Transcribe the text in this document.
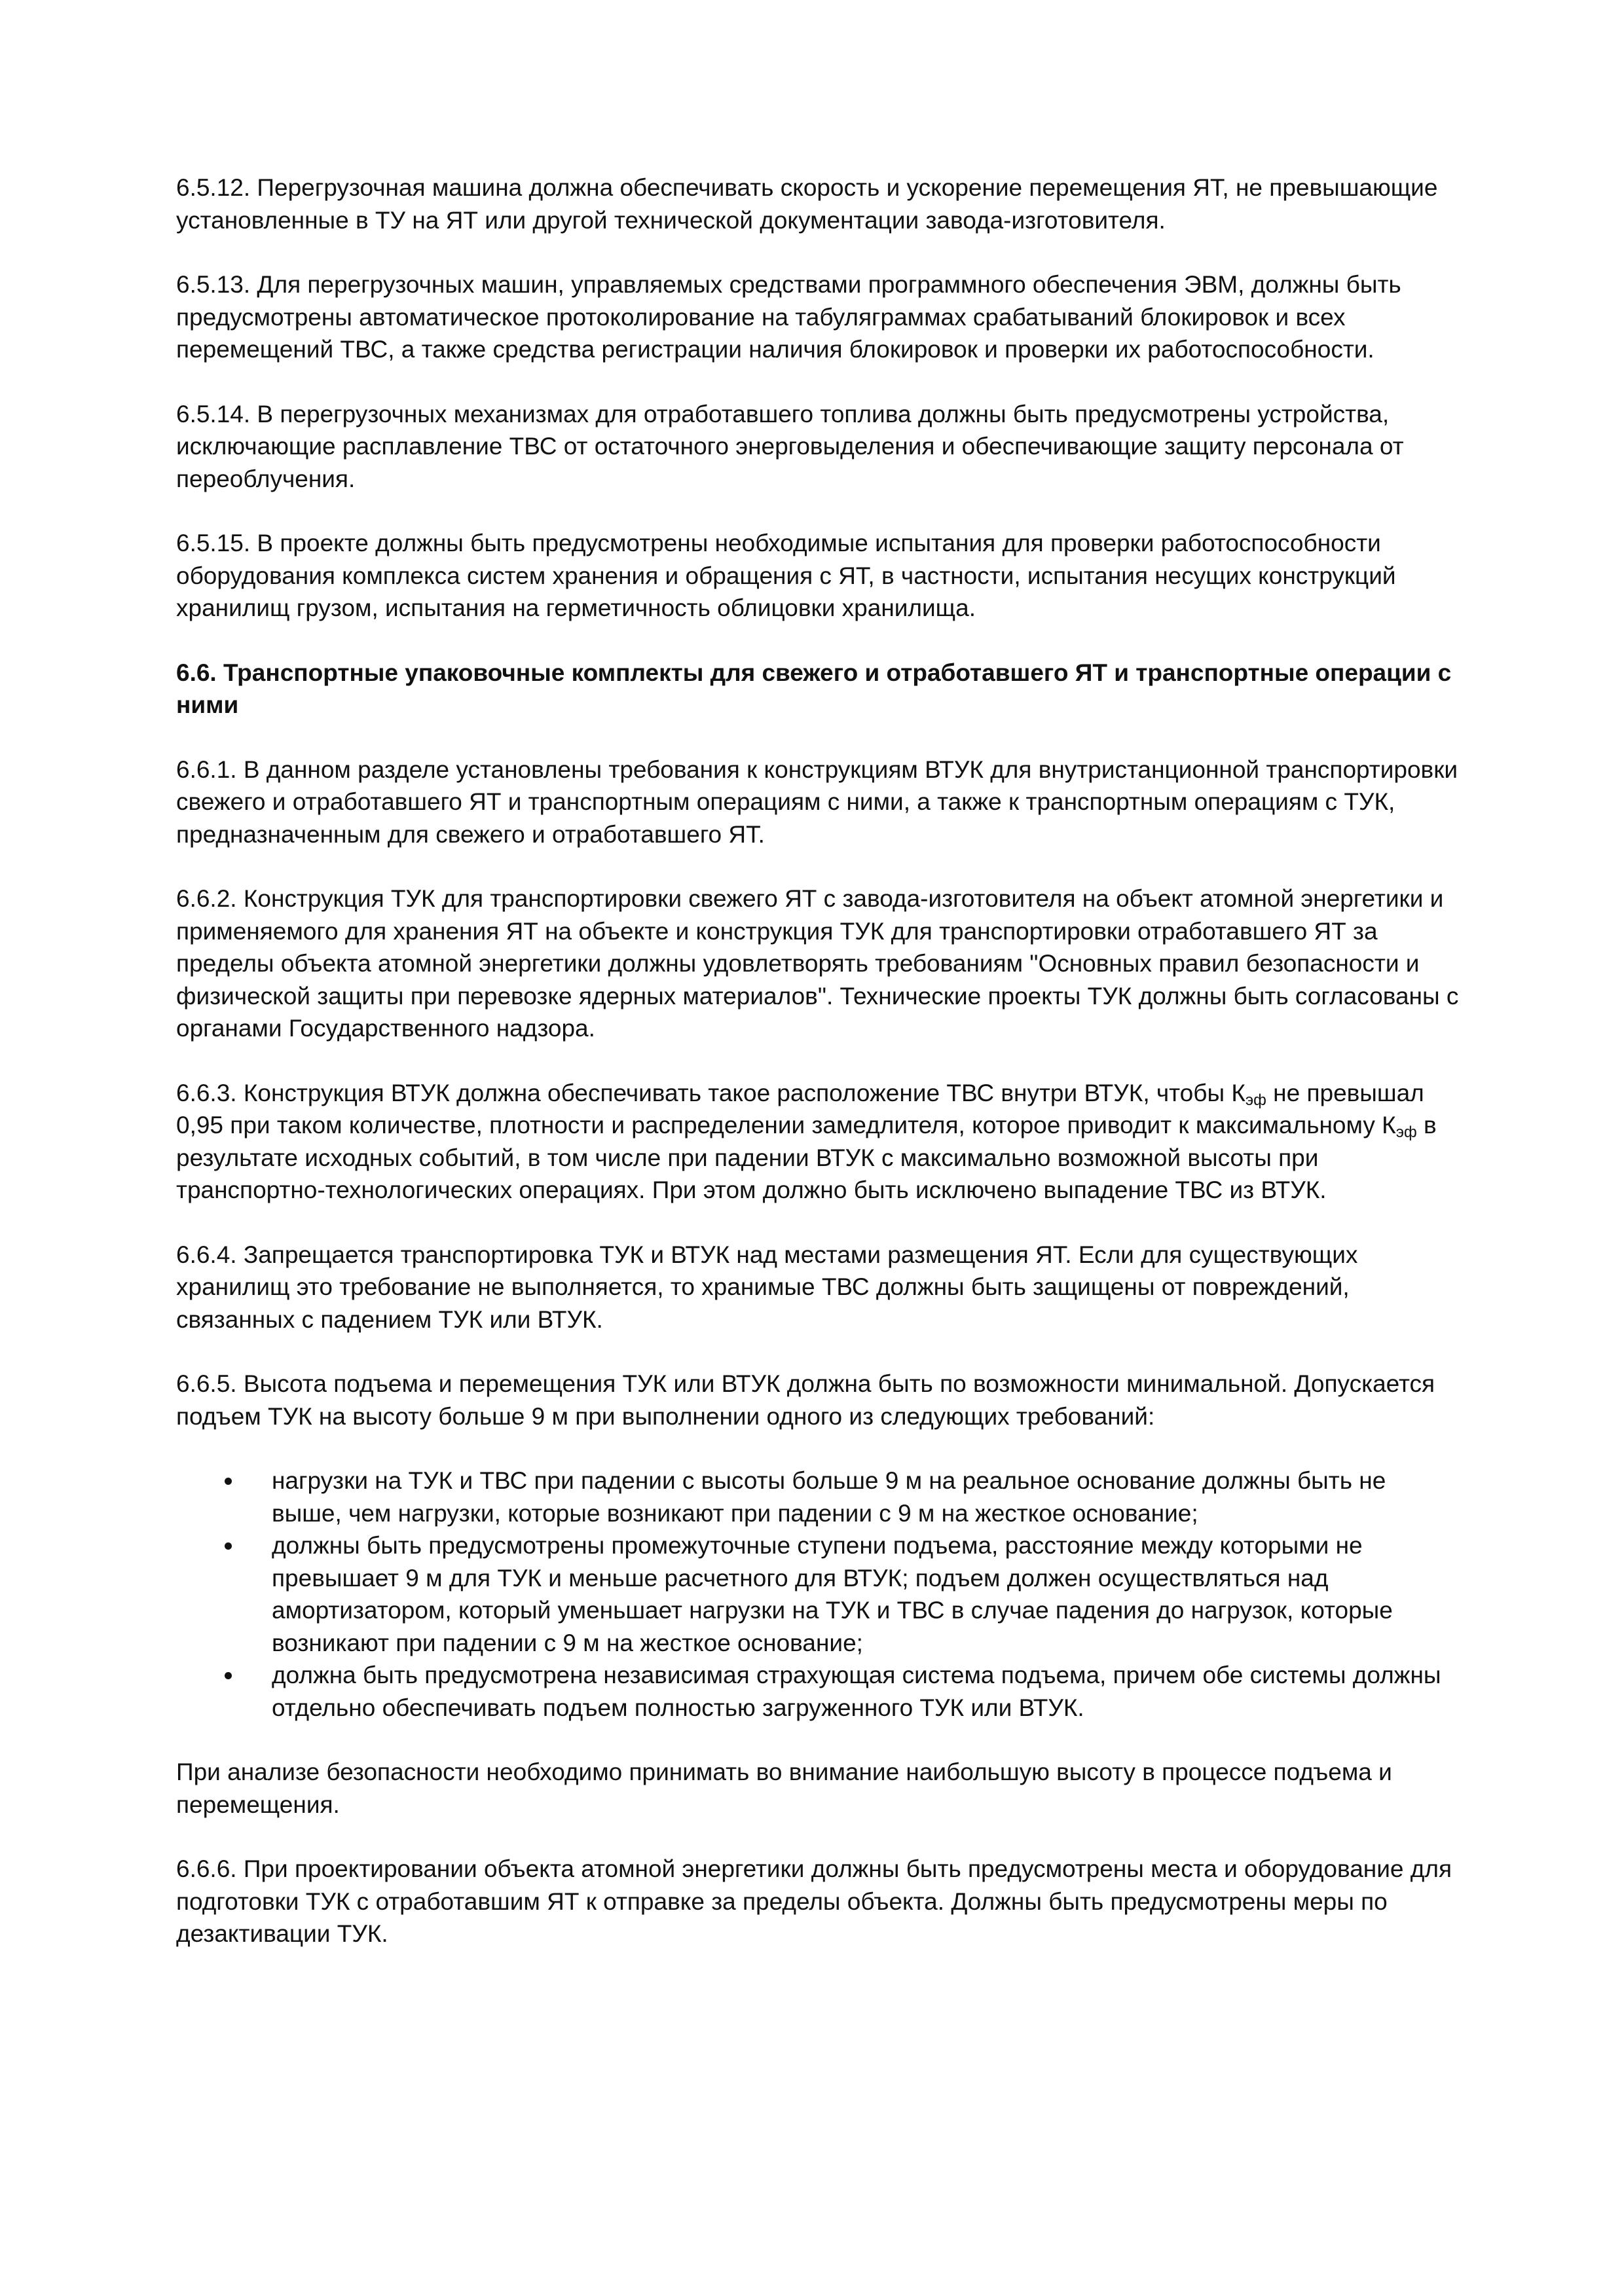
6.5.12. Перегрузочная машина должна обеспечивать скорость и ускорение перемещения ЯТ, не превышающие установленные в ТУ на ЯТ или другой технической документации завода-изготовителя.

6.5.13. Для перегрузочных машин, управляемых средствами программного обеспечения ЭВМ, должны быть предусмотрены автоматическое протоколирование на табуляграммах срабатываний блокировок и всех перемещений ТВС, а также средства регистрации наличия блокировок и проверки их работоспособности.

6.5.14. В перегрузочных механизмах для отработавшего топлива должны быть предусмотрены устройства, исключающие расплавление ТВС от остаточного энерговыделения и обеспечивающие защиту персонала от переоблучения.

6.5.15. В проекте должны быть предусмотрены необходимые испытания для проверки работоспособности оборудования комплекса систем хранения и обращения с ЯТ, в частности, испытания несущих конструкций хранилищ грузом, испытания на герметичность облицовки хранилища.

6.6. Транспортные упаковочные комплекты для свежего и отработавшего ЯТ и транспортные операции с ними

6.6.1. В данном разделе установлены требования к конструкциям ВТУК для внутристанционной транспортировки свежего и отработавшего ЯТ и транспортным операциям с ними, а также к транспортным операциям с ТУК, предназначенным для свежего и отработавшего ЯТ.

6.6.2. Конструкция ТУК для транспортировки свежего ЯТ с завода-изготовителя на объект атомной энергетики и применяемого для хранения ЯТ на объекте и конструкция ТУК для транспортировки отработавшего ЯТ за пределы объекта атомной энергетики должны удовлетворять требованиям "Основных правил безопасности и физической защиты при перевозке ядерных материалов". Технические проекты ТУК должны быть согласованы с органами Государственного надзора.

6.6.3. Конструкция ВТУК должна обеспечивать такое расположение ТВС внутри ВТУК, чтобы $К_{эф}$ не превышал 0,95 при таком количестве, плотности и распределении замедлителя, которое приводит к максимальному $К_{эф}$ в результате исходных событий, в том числе при падении ВТУК с максимально возможной высоты при транспортно-технологических операциях. При этом должно быть исключено выпадение ТВС из ВТУК.

6.6.4. Запрещается транспортировка ТУК и ВТУК над местами размещения ЯТ. Если для существующих хранилищ это требование не выполняется, то хранимые ТВС должны быть защищены от повреждений, связанных с падением ТУК или ВТУК.

6.6.5. Высота подъема и перемещения ТУК или ВТУК должна быть по возможности минимальной. Допускается подъем ТУК на высоту больше 9 м при выполнении одного из следующих требований:

нагрузки на ТУК и ТВС при падении с высоты больше 9 м на реальное основание должны быть не выше, чем нагрузки, которые возникают при падении с 9 м на жесткое основание;
должны быть предусмотрены промежуточные ступени подъема, расстояние между которыми не превышает 9 м для ТУК и меньше расчетного для ВТУК; подъем должен осуществляться над амортизатором, который уменьшает нагрузки на ТУК и ТВС в случае падения до нагрузок, которые возникают при падении с 9 м на жесткое основание;
должна быть предусмотрена независимая страхующая система подъема, причем обе системы должны отдельно обеспечивать подъем полностью загруженного ТУК или ВТУК.

При анализе безопасности необходимо принимать во внимание наибольшую высоту в процессе подъема и перемещения.

6.6.6. При проектировании объекта атомной энергетики должны быть предусмотрены места и оборудование для подготовки ТУК с отработавшим ЯТ к отправке за пределы объекта. Должны быть предусмотрены меры по дезактивации ТУК.
